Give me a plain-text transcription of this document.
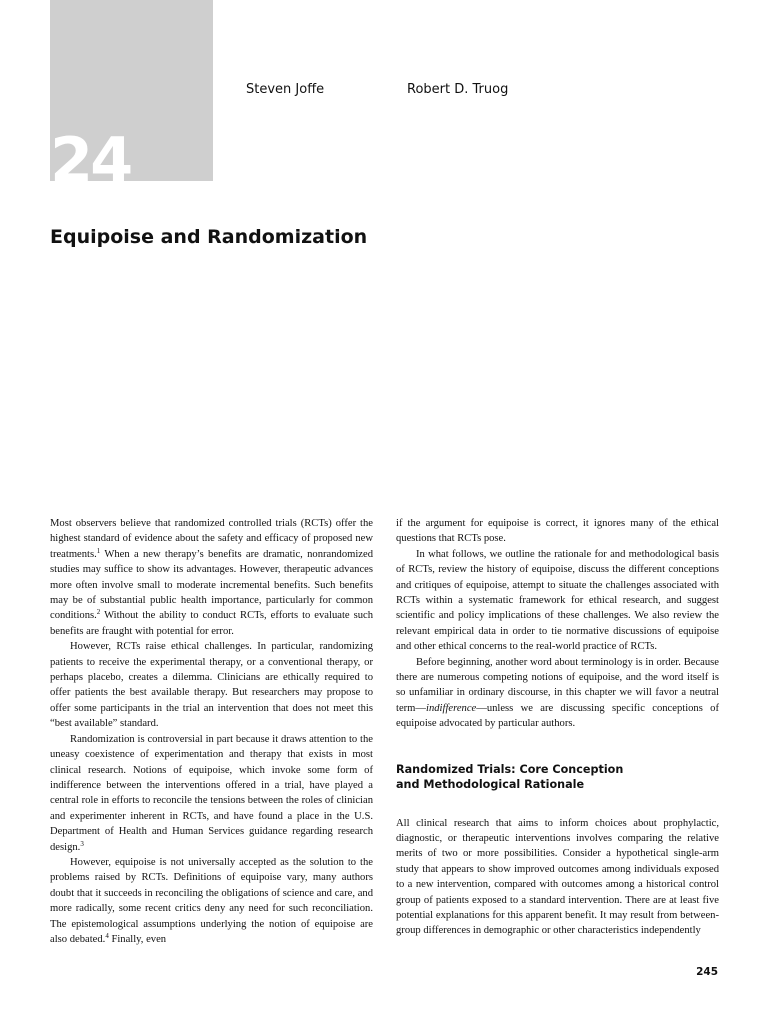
24
Steven Joffe	Robert D. Truog
Equipoise and Randomization

Most observers believe that randomized controlled trials (RCTs) offer the highest standard of evidence about the safety and efficacy of proposed new treatments.$^1$ When a new therapy’s benefits are dramatic, nonrandomized studies may suffice to show its advantages. However, therapeutic advances more often involve small to moderate incremental benefits. Such benefits may be of substantial public health importance, particularly for common conditions.$^2$ Without the ability to conduct RCTs, efforts to evaluate such benefits are fraught with potential for error.

However, RCTs raise ethical challenges. In particular, randomizing patients to receive the experimental therapy, or a conventional therapy, or perhaps placebo, creates a dilemma. Clinicians are ethically required to offer patients the best available therapy. But researchers may propose to offer some participants in the trial an intervention that does not meet this “best available” standard.

Randomization is controversial in part because it draws attention to the uneasy coexistence of experimentation and therapy that exists in most clinical research. Notions of equipoise, which invoke some form of indifference between the interventions offered in a trial, have played a central role in efforts to reconcile the tensions between the roles of clinician and experimenter inherent in RCTs, and have found a place in the U.S. Department of Health and Human Services guidance regarding research design.$^3$

However, equipoise is not universally accepted as the solution to the problems raised by RCTs. Definitions of equipoise vary, many authors doubt that it succeeds in reconciling the obligations of science and care, and more radically, some recent critics deny any need for such reconciliation. The epistemological assumptions underlying the notion of equipoise are also debated.$^4$ Finally, even

if the argument for equipoise is correct, it ignores many of the ethical questions that RCTs pose.

In what follows, we outline the rationale for and methodological basis of RCTs, review the history of equipoise, discuss the different conceptions and critiques of equipoise, attempt to situate the challenges associated with RCTs within a systematic framework for ethical research, and suggest scientific and policy implications of these challenges. We also review the relevant empirical data in order to tie normative discussions of equipoise and other ethical concerns to the real-world practice of RCTs.

Before beginning, another word about terminology is in order. Because there are numerous competing notions of equipoise, and the word itself is so unfamiliar in ordinary discourse, in this chapter we will favor a neutral term—indifference—unless we are discussing specific conceptions of equipoise advocated by particular authors.

Randomized Trials: Core Conception
and Methodological Rationale

All clinical research that aims to inform choices about prophylactic, diagnostic, or therapeutic interventions involves comparing the relative merits of two or more possibilities. Consider a hypothetical single-arm study that appears to show improved outcomes among individuals exposed to a new intervention, compared with outcomes among a historical control group of patients exposed to a standard intervention. There are at least five potential explanations for this apparent benefit. It may result from between-group differences in demographic or other characteristics independently

245
